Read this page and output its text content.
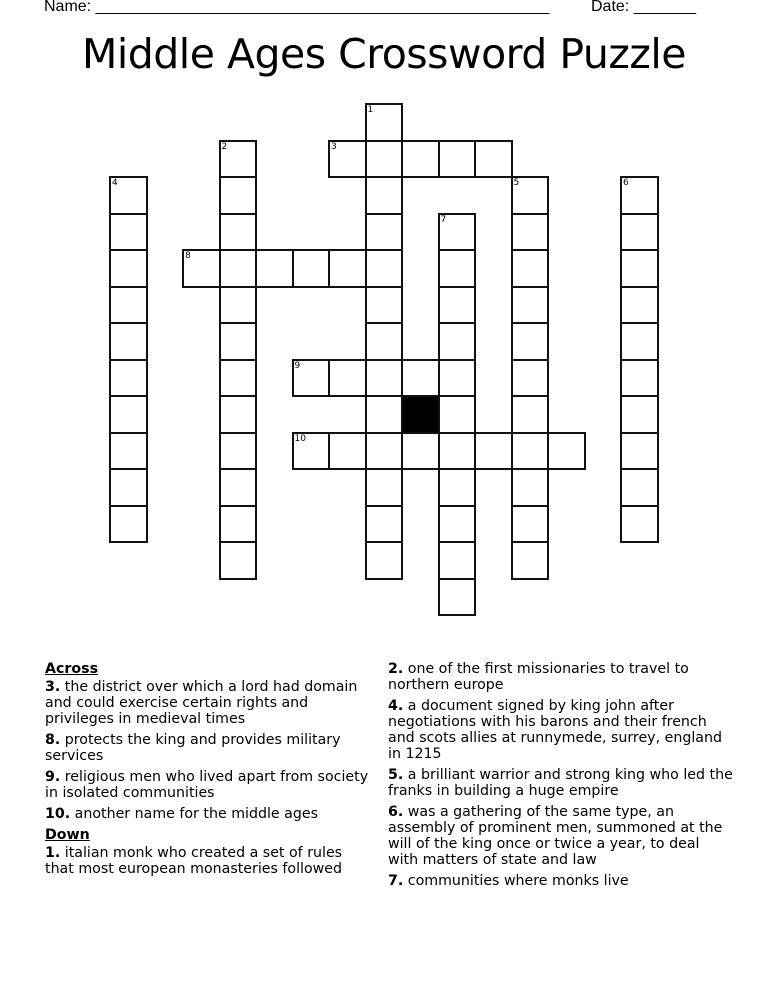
Name: ___________________________________________________	Date: _______
Middle Ages Crossword Puzzle
1
2	3
4	5	6
7
8
9
10
Across
3. the district over which a lord had domain and could exercise certain rights and privileges in medieval times
8. protects the king and provides military services
9. religious men who lived apart from society in isolated communities
10. another name for the middle ages
Down
1. italian monk who created a set of rules that most european monasteries followed
2. one of the first missionaries to travel to northern europe
4. a document signed by king john after negotiations with his barons and their french and scots allies at runnymede, surrey, england in 1215
5. a brilliant warrior and strong king who led the franks in building a huge empire
6. was a gathering of the same type, an assembly of prominent men, summoned at the will of the king once or twice a year, to deal with matters of state and law
7. communities where monks live
